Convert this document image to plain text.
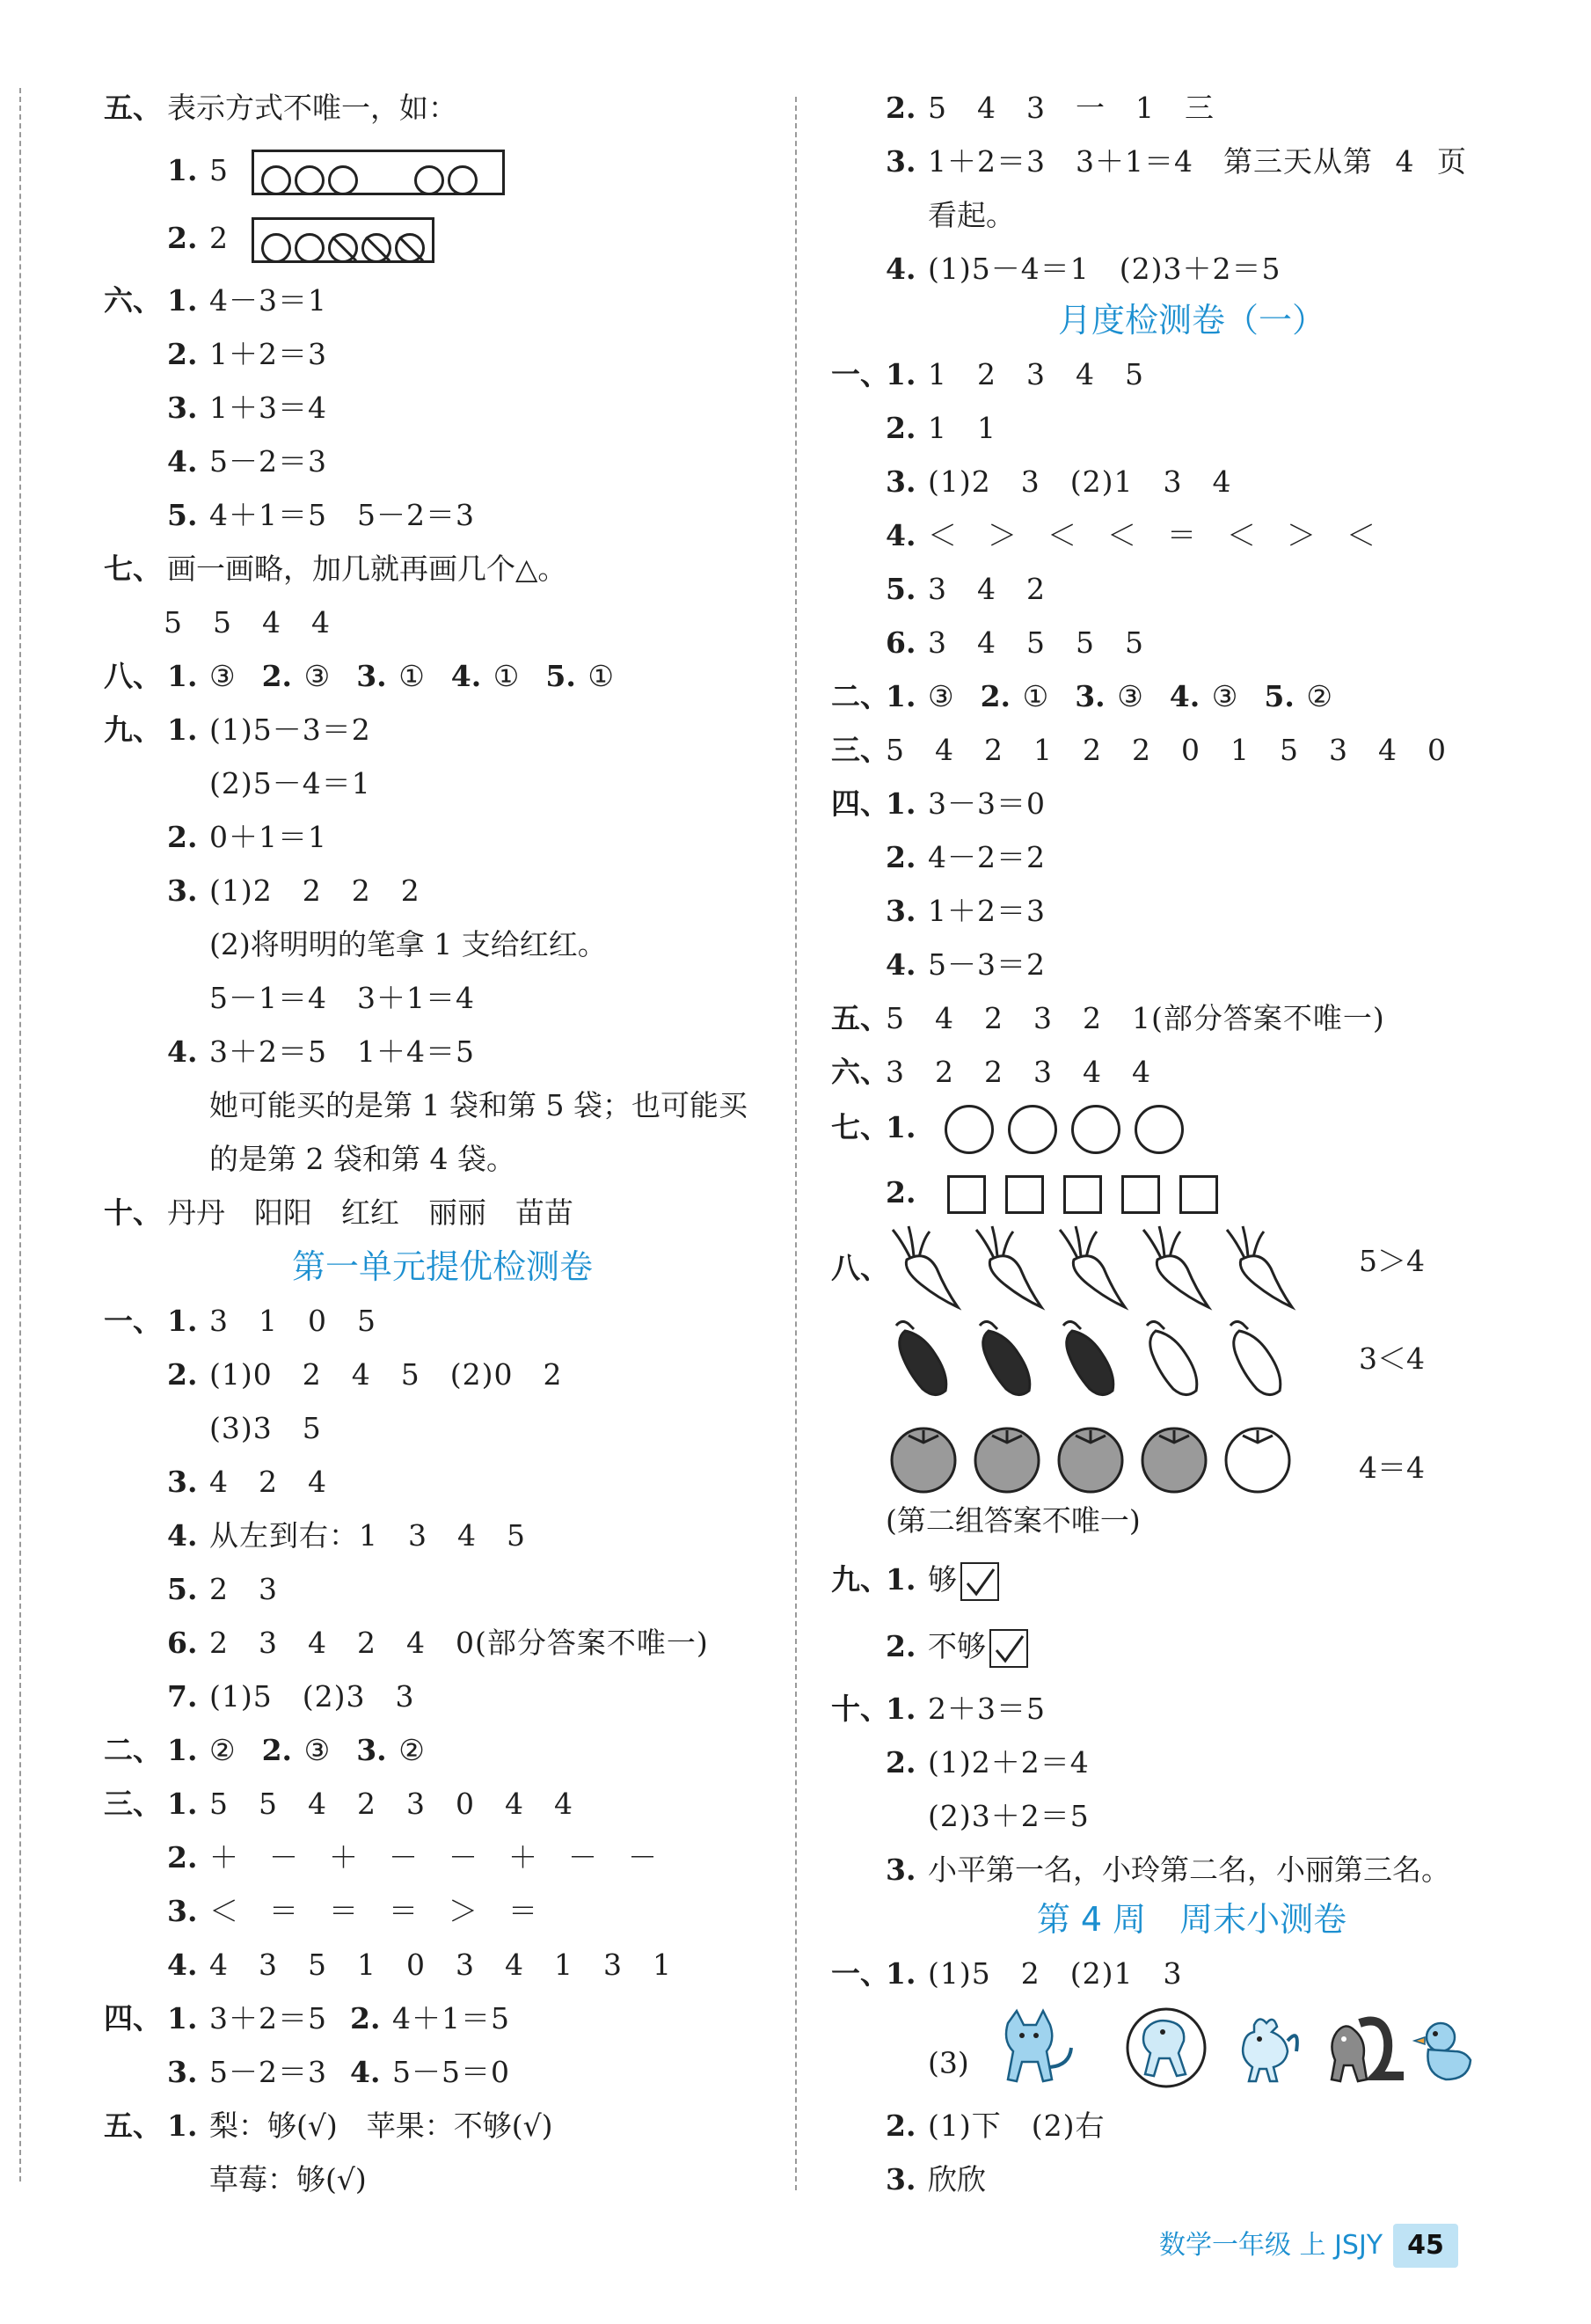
五、 表示方式不唯一，如：
1. 5
2. 2
六、 1. 4－3＝1
2. 1＋2＝3
3. 1＋3＝4
4. 5－2＝3
5. 4＋1＝5　5－2＝3
七、 画一画略，加几就再画几个△。
5　5　4　4
八、 1. ③ 2. ③ 3. ① 4. ① 5. ①
九、 1. (1)5－3＝2
(2)5－4＝1
2. 0＋1＝1
3. (1)2　2　2　2
(2)将明明的笔拿 1 支给红红。
5－1＝4　3＋1＝4
4. 3＋2＝5　1＋4＝5
她可能买的是第 1 袋和第 5 袋；也可能买
的是第 2 袋和第 4 袋。
十、 丹丹　阳阳　红红　丽丽　苗苗
第一单元提优检测卷
一、 1. 3　1　0　5
2. (1)0　2　4　5　(2)0　2
(3)3　5
3. 4　2　4
4. 从左到右：1　3　4　5
5. 2　3
6. 2　3　4　2　4　0(部分答案不唯一)
7. (1)5　(2)3　3
二、 1. ② 2. ③ 3. ②
三、 1. 5　5　4　2　3　0　4　4
2. ＋　－　＋　－　－　＋　－　－
3. ＜　＝　＝　＝　＞　＝
4. 4　3　5　1　0　3　4　1　3　1
四、 1. 3＋2＝5 2. 4＋1＝5
3. 5－2＝3 4. 5－5＝0
五、 1. 梨：够(√)　苹果：不够(√)
草莓：够(√)
2. 5　4　3　一　1　三
3. 1＋2＝3　3＋1＝4　第三天从第 4 页
看起。
4. (1)5－4＝1　(2)3＋2＝5
月度检测卷（一）
一、1. 1　2　3　4　5
2. 1　1
3. (1)2　3　(2)1　3　4
4. ＜　＞　＜　＜　＝　＜　＞　＜
5. 3　4　2
6. 3　4　5　5　5
二、1. ③ 2. ① 3. ③ 4. ③ 5. ②
三、5　4　2　1　2　2　0　1　5　3　4　0
四、1. 3－3＝0
2. 4－2＝2
3. 1＋2＝3
4. 5－3＝2
五、5　4　2　3　2　1(部分答案不唯一)
六、3　2　2　3　4　4
七、1.
2.
八、	5＞4
3＜4
4＝4
(第二组答案不唯一)
九、1. 够
2. 不够
十、1. 2＋3＝5
2. (1)2＋2＝4
(2)3＋2＝5
3. 小平第一名，小玲第二名，小丽第三名。
第 4 周　周末小测卷
一、1. (1)5　2　(2)1　3
(3)
2. (1)下　(2)右
3. 欣欣
数学一年级 上 JSJY 45
